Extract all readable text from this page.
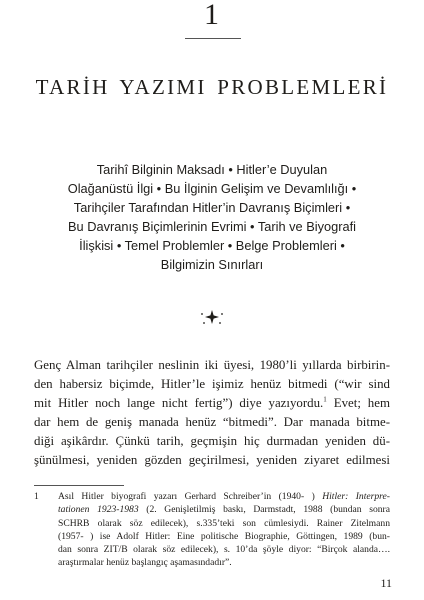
1
TARİH YAZIMI PROBLEMLERİ
Tarihî Bilginin Maksadı • Hitler’e Duyulan
Olağanüstü İlgi • Bu İlginin Gelişim ve Devamlılığı •
Tarihçiler Tarafından Hitler’in Davranış Biçimleri •
Bu Davranış Biçimlerinin Evrimi • Tarih ve Biyografi
İlişkisi • Temel Problemler • Belge Problemleri •
Bilgimizin Sınırları
Genç Alman tarihçiler neslinin iki üyesi, 1980’li yıllarda birbirin-
den habersiz biçimde, Hitler’le işimiz henüz bitmedi (“wir sind
mit Hitler noch lange nicht fertig”) diye yazıyordu.$^1$ Evet; hem
dar hem de geniş manada henüz “bitmedi”. Dar manada bitme-
diği aşikârdır. Çünkü tarih, geçmişin hiç durmadan yeniden dü-
şünülmesi, yeniden gözden geçirilmesi, yeniden ziyaret edilmesi
1 Asıl Hitler biyografi yazarı Gerhard Schreiber’in (1940- ) Hitler: Interpre-
tationen 1923-1983 (2. Genişletilmiş baskı, Darmstadt, 1988 (bundan sonra
SCHRB olarak söz edilecek), s.335’teki son cümlesiydi. Rainer Zitelmann
(1957- ) ise Adolf Hitler: Eine politische Biographie, Göttingen, 1989 (bun-
dan sonra ZIT/B olarak söz edilecek), s. 10’da şöyle diyor: “Birçok alanda….
araştırmalar henüz başlangıç aşamasındadır”.
11
